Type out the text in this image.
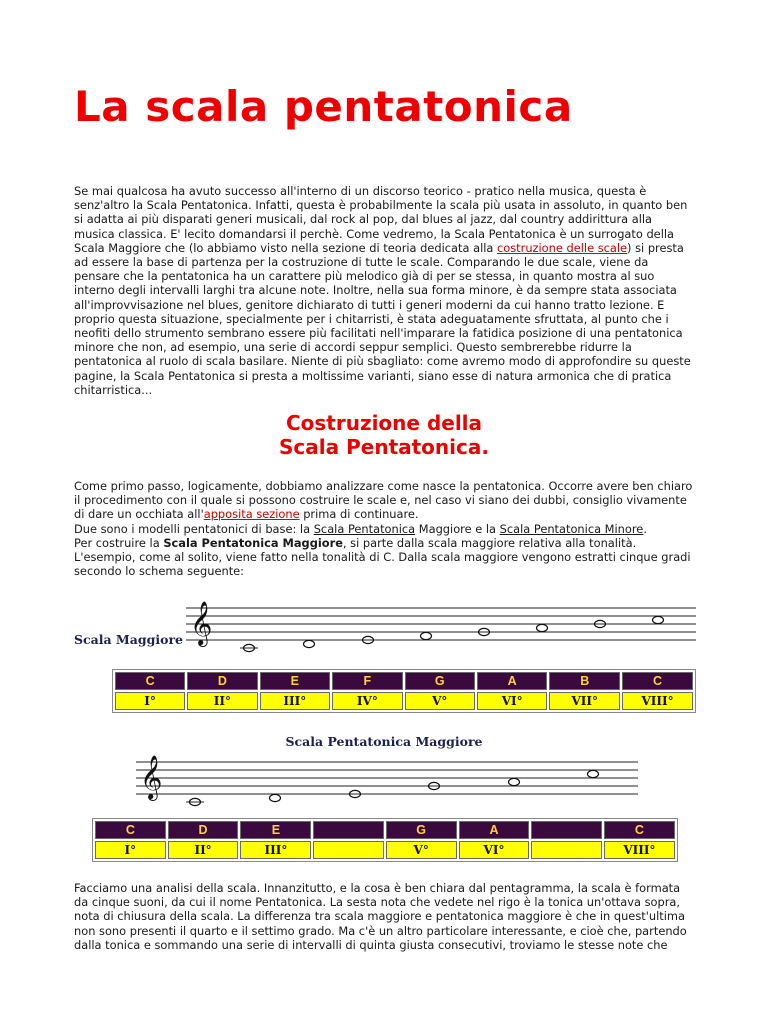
La scala pentatonica

Se mai qualcosa ha avuto successo all'interno di un discorso teorico - pratico nella musica, questa è senz'altro la Scala Pentatonica. Infatti, questa è probabilmente la scala più usata in assoluto, in quanto ben si adatta ai più disparati generi musicali, dal rock al pop, dal blues al jazz, dal country addirittura alla musica classica. E' lecito domandarsi il perchè. Come vedremo, la Scala Pentatonica è un surrogato della Scala Maggiore che (lo abbiamo visto nella sezione di teoria dedicata alla costruzione delle scale) si presta ad essere la base di partenza per la costruzione di tutte le scale. Comparando le due scale, viene da pensare che la pentatonica ha un carattere più melodico già di per se stessa, in quanto mostra al suo interno degli intervalli larghi tra alcune note. Inoltre, nella sua forma minore, è da sempre stata associata all'improvvisazione nel blues, genitore dichiarato di tutti i generi moderni da cui hanno tratto lezione. E proprio questa situazione, specialmente per i chitarristi, è stata adeguatamente sfruttata, al punto che i neofiti dello strumento sembrano essere più facilitati nell'imparare la fatidica posizione di una pentatonica minore che non, ad esempio, una serie di accordi seppur semplici. Questo sembrerebbe ridurre la pentatonica al ruolo di scala basilare. Niente di più sbagliato: come avremo modo di approfondire su queste pagine, la Scala Pentatonica si presta a moltissime varianti, siano esse di natura armonica che di pratica chitarristica...

Costruzione della
Scala Pentatonica.

Come primo passo, logicamente, dobbiamo analizzare come nasce la pentatonica. Occorre avere ben chiaro il procedimento con il quale si possono costruire le scale e, nel caso vi siano dei dubbi, consiglio vivamente di dare un occhiata all'apposita sezione prima di continuare.
Due sono i modelli pentatonici di base: la Scala Pentatonica Maggiore e la Scala Pentatonica Minore.
Per costruire la Scala Pentatonica Maggiore, si parte dalla scala maggiore relativa alla tonalità. L'esempio, come al solito, viene fatto nella tonalità di C. Dalla scala maggiore vengono estratti cinque gradi secondo lo schema seguente:

Scala Maggiore 𝄞
C	D	E	F	G	A	B	C
I°	II°	III°	IV°	V°	VI°	VII°	VIII°
Scala Pentatonica Maggiore
𝄞
C	D	E		G	A		C
I°	II°	III°		V°	VI°		VIII°

Facciamo una analisi della scala. Innanzitutto, e la cosa è ben chiara dal pentagramma, la scala è formata da cinque suoni, da cui il nome Pentatonica. La sesta nota che vedete nel rigo è la tonica un'ottava sopra, nota di chiusura della scala. La differenza tra scala maggiore e pentatonica maggiore è che in quest'ultima non sono presenti il quarto e il settimo grado. Ma c'è un altro particolare interessante, e cioè che, partendo dalla tonica e sommando una serie di intervalli di quinta giusta consecutivi, troviamo le stesse note che
